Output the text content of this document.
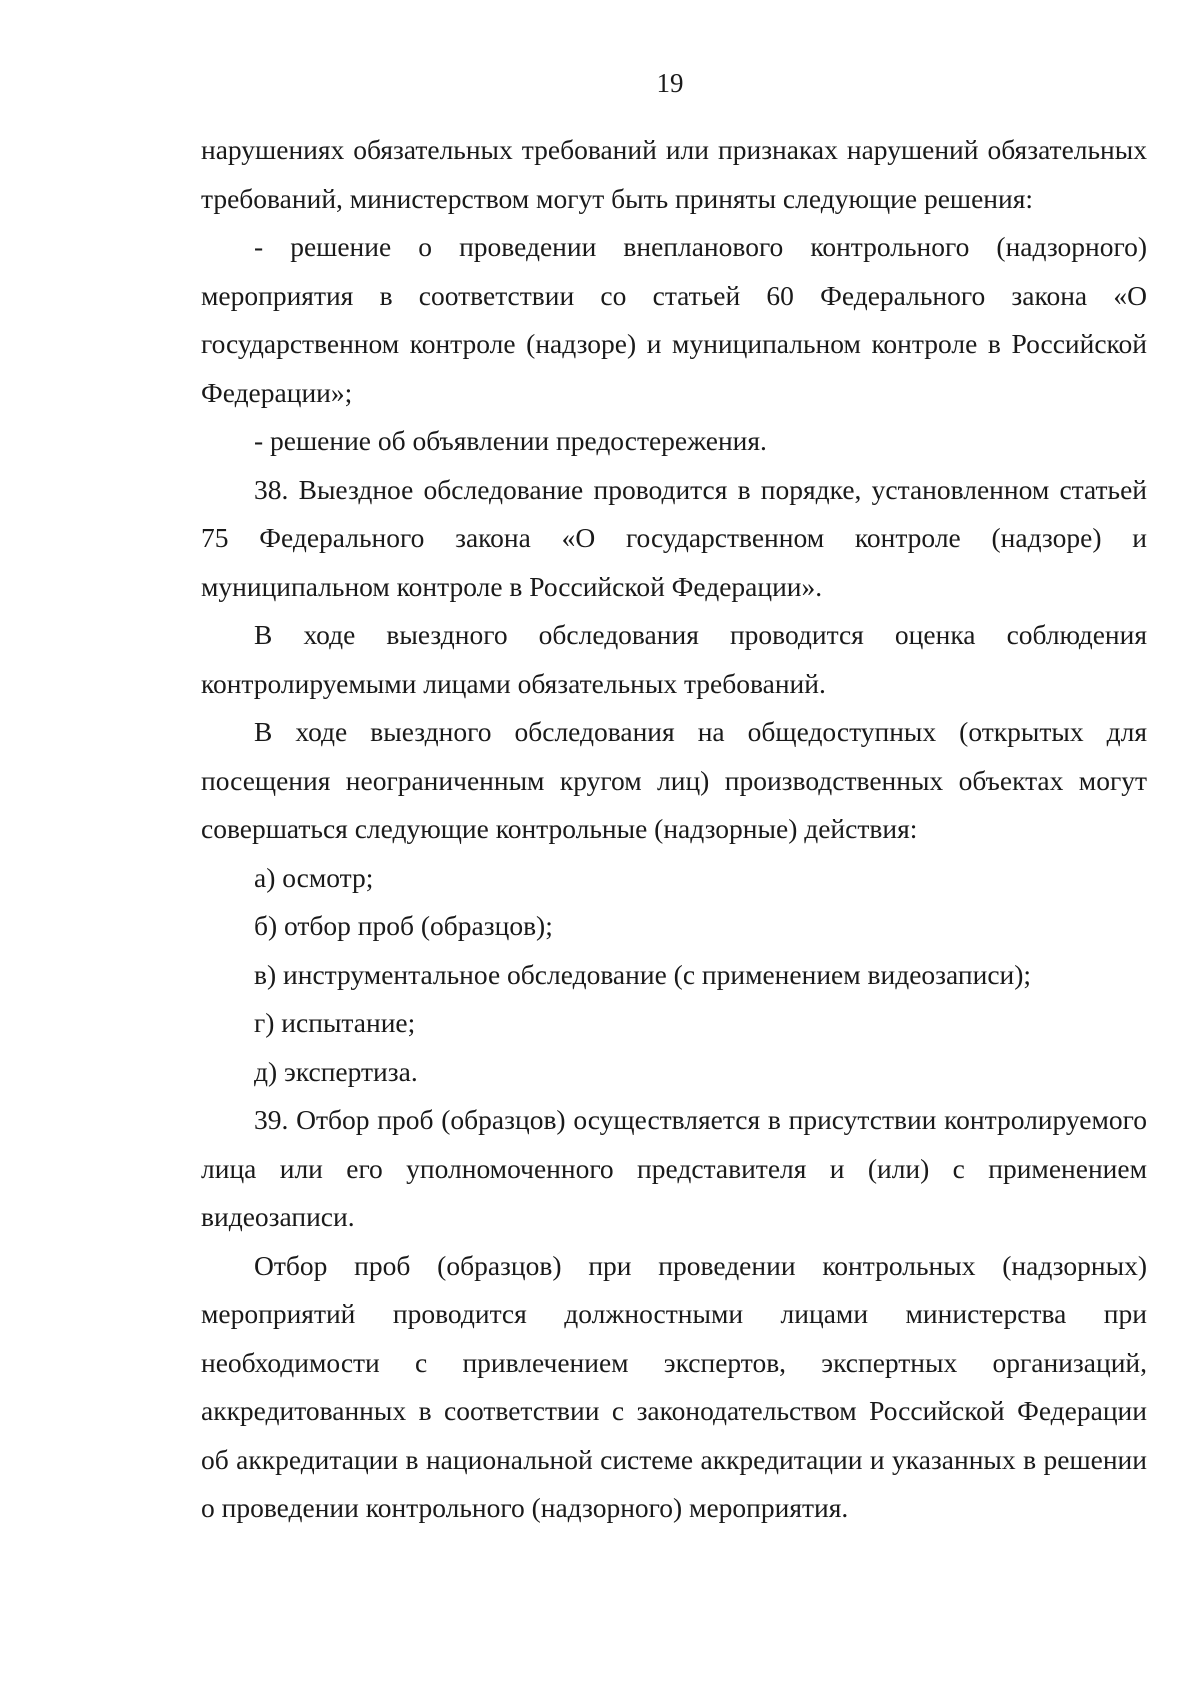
19

нарушениях обязательных требований или признаках нарушений обязательных требований, министерством могут быть приняты следующие решения:

- решение о проведении внепланового контрольного (надзорного) мероприятия в соответствии со статьей 60 Федерального закона «О государственном контроле (надзоре) и муниципальном контроле в Российской Федерации»;

- решение об объявлении предостережения.

38. Выездное обследование проводится в порядке, установленном статьей 75 Федерального закона «О государственном контроле (надзоре) и муниципальном контроле в Российской Федерации».

В ходе выездного обследования проводится оценка соблюдения контролируемыми лицами обязательных требований.

В ходе выездного обследования на общедоступных (открытых для посещения неограниченным кругом лиц) производственных объектах могут совершаться следующие контрольные (надзорные) действия:

а) осмотр;

б) отбор проб (образцов);

в) инструментальное обследование (с применением видеозаписи);

г) испытание;

д) экспертиза.

39. Отбор проб (образцов) осуществляется в присутствии контролируемого лица или его уполномоченного представителя и (или) с применением видеозаписи.

Отбор проб (образцов) при проведении контрольных (надзорных) мероприятий проводится должностными лицами министерства при необходимости с привлечением экспертов, экспертных организаций, аккредитованных в соответствии с законодательством Российской Федерации об аккредитации в национальной системе аккредитации и указанных в решении о проведении контрольного (надзорного) мероприятия.
